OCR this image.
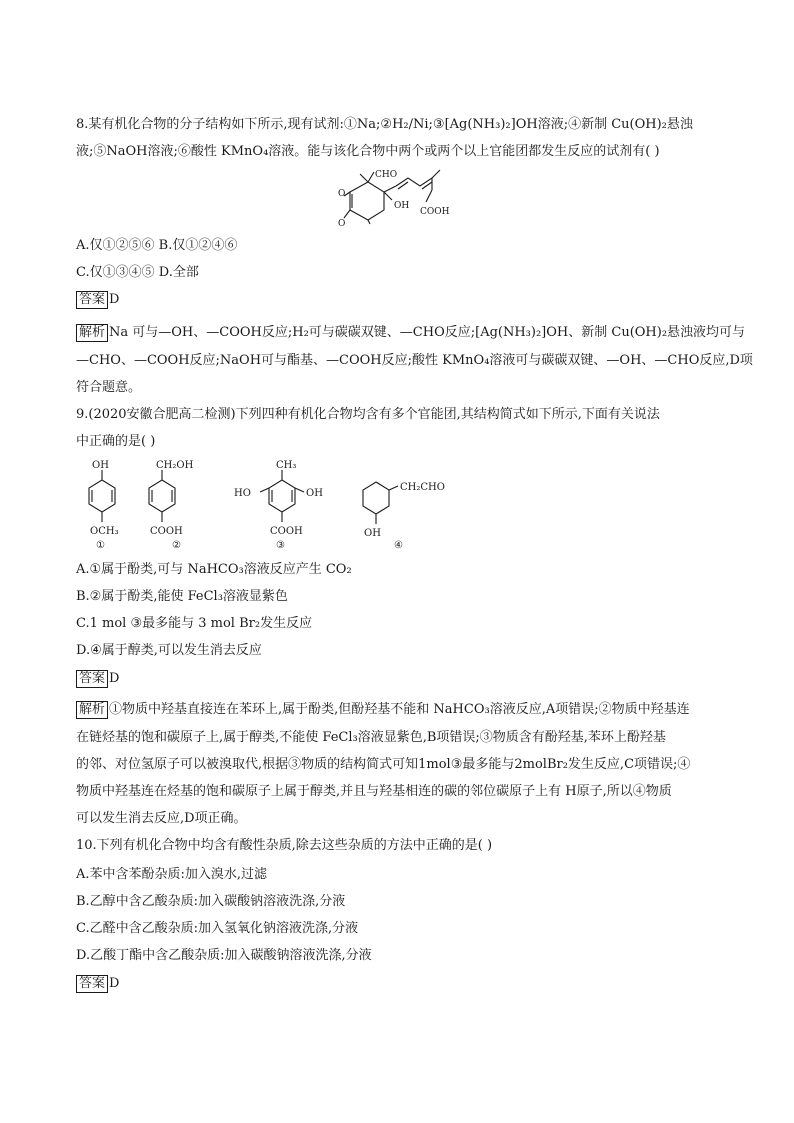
8.某有机化合物的分子结构如下所示,现有试剂:①Na;②H₂/Ni;③[Ag(NH₃)₂]OH溶液;④新制 Cu(OH)₂悬浊
液;⑤NaOH溶液;⑥酸性 KMnO₄溶液。能与该化合物中两个或两个以上官能团都发生反应的试剂有( )
O
O
CHO
OH
COOH
A.仅①②⑤⑥ B.仅①②④⑥
C.仅①③④⑤ D.全部
答案 D
解析 Na 可与—OH、—COOH反应;H₂可与碳碳双键、—CHO反应;[Ag(NH₃)₂]OH、新制 Cu(OH)₂悬浊液均可与
—CHO、—COOH反应;NaOH可与酯基、—COOH反应;酸性 KMnO₄溶液可与碳碳双键、—OH、—CHO反应,D项
符合题意。
9.(2020安徽合肥高二检测)下列四种有机化合物均含有多个官能团,其结构简式如下所示,下面有关说法
中正确的是( )
OH
OCH₃
①
CH₂OH
COOH
②
CH₃
HO	OH
COOH
③
CH₂CHO
OH
④
A.①属于酚类,可与 NaHCO₃溶液反应产生 CO₂
B.②属于酚类,能使 FeCl₃溶液显紫色
C.1 mol ③最多能与 3 mol Br₂发生反应
D.④属于醇类,可以发生消去反应
答案 D
解析 ①物质中羟基直接连在苯环上,属于酚类,但酚羟基不能和 NaHCO₃溶液反应,A项错误;②物质中羟基连
在链烃基的饱和碳原子上,属于醇类,不能使 FeCl₃溶液显紫色,B项错误;③物质含有酚羟基,苯环上酚羟基
的邻、对位氢原子可以被溴取代,根据③物质的结构简式可知1mol③最多能与2molBr₂发生反应,C项错误;④
物质中羟基连在烃基的饱和碳原子上属于醇类,并且与羟基相连的碳的邻位碳原子上有 H原子,所以④物质
可以发生消去反应,D项正确。
10.下列有机化合物中均含有酸性杂质,除去这些杂质的方法中正确的是( )
A.苯中含苯酚杂质:加入溴水,过滤
B.乙醇中含乙酸杂质:加入碳酸钠溶液洗涤,分液
C.乙醛中含乙酸杂质:加入氢氧化钠溶液洗涤,分液
D.乙酸丁酯中含乙酸杂质:加入碳酸钠溶液洗涤,分液
答案 D
